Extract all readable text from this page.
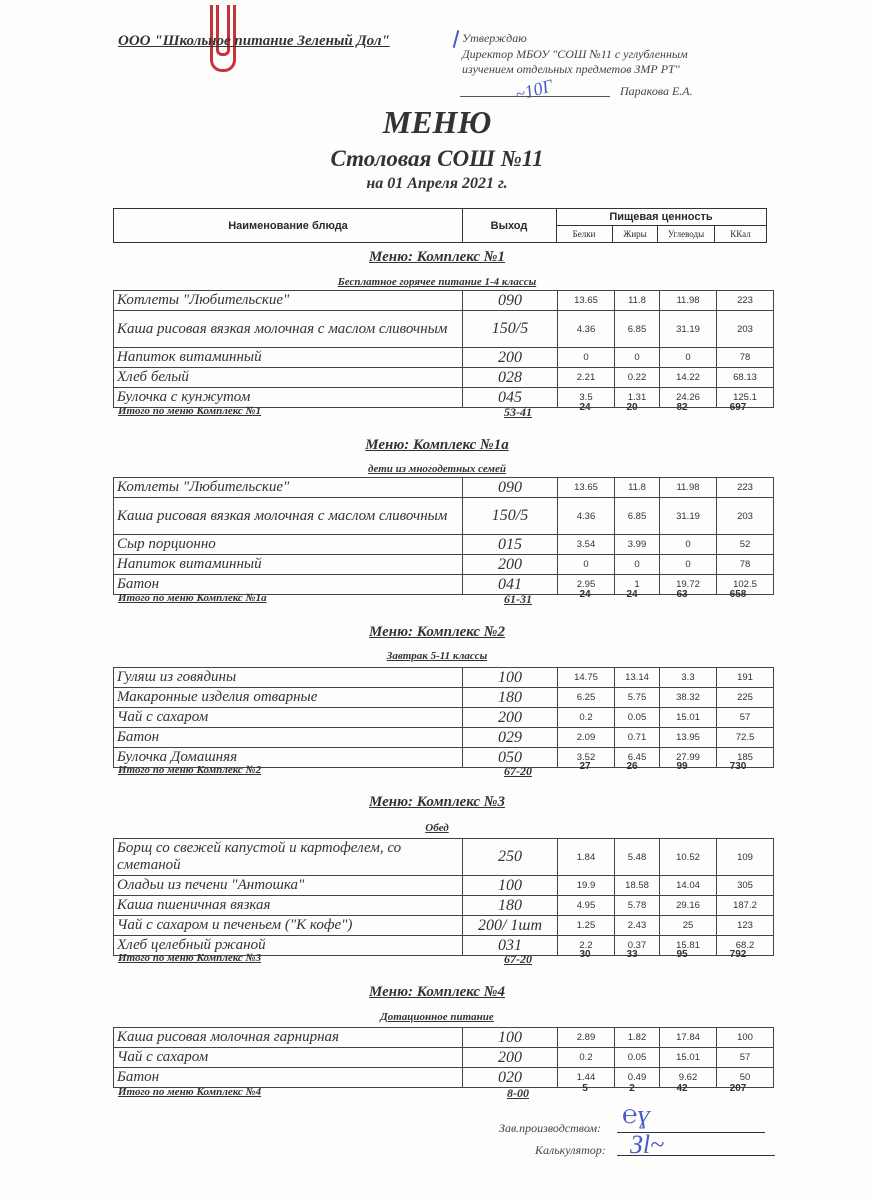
ООО "Школьное питание Зеленый Дол"	Утверждаю
Директор МБОУ "СОШ №11 с углубленным
изучением отдельных предметов ЗМР РТ"
~10Г	Паракова Е.А.
МЕНЮ
Столовая СОШ №11
на 01 Апреля 2021 г.
Наименование блюда	Выход
Пищевая ценность
Белки	Жиры	Углеводы	ККал
Меню: Комплекс №1
Бесплатное горячее питание 1-4 классы
Котлеты "Любительские"	090	13.65	11.8	11.98	223
Каша рисовая вязкая молочная с маслом сливочным	150/5	4.36	6.85	31.19	203
Напиток витаминный	200	0	0	0	78
Хлеб белый	028	2.21	0.22	14.22	68.13
Булочка с кунжутом	045	3.5	1.31	24.26	125.1
Итого по меню Комплекс №1	53-41	24	20	82	697
Меню: Комплекс №1а
дети из многодетных семей
Котлеты "Любительские"	090	13.65	11.8	11.98	223
Каша рисовая вязкая молочная с маслом сливочным	150/5	4.36	6.85	31.19	203
Сыр порционно	015	3.54	3.99	0	52
Напиток витаминный	200	0	0	0	78
Батон	041	2.95	1	19.72	102.5
Итого по меню Комплекс №1а	61-31	24	24	63	658
Меню: Комплекс №2
Завтрак 5-11 классы
Гуляш из говядины	100	14.75	13.14	3.3	191
Макаронные изделия отварные	180	6.25	5.75	38.32	225
Чай с сахаром	200	0.2	0.05	15.01	57
Батон	029	2.09	0.71	13.95	72.5
Булочка Домашняя	050	3.52	6.45	27.99	185
Итого по меню Комплекс №2	67-20	27	26	99	730
Меню: Комплекс №3
Обед
Борщ со свежей капустой и картофелем, со сметаной	250	1.84	5.48	10.52	109
Оладьи из печени "Антошка"	100	19.9	18.58	14.04	305
Каша пшеничная вязкая	180	4.95	5.78	29.16	187.2
Чай с сахаром и печеньем ("К кофе")	200/ 1шт	1.25	2.43	25	123
Хлеб целебный ржаной	031	2.2	0.37	15.81	68.2
Итого по меню Комплекс №3	67-20	30	33	95	792
Меню: Комплекс №4
Дотационное питание
Каша рисовая молочная гарнирная	100	2.89	1.82	17.84	100
Чай с сахаром	200	0.2	0.05	15.01	57
Батон	020	1.44	0.49	9.62	50
Итого по меню Комплекс №4	8-00	5	2	42	207
Зав.производством: ℮ɣ
Калькулятор: Зl~
